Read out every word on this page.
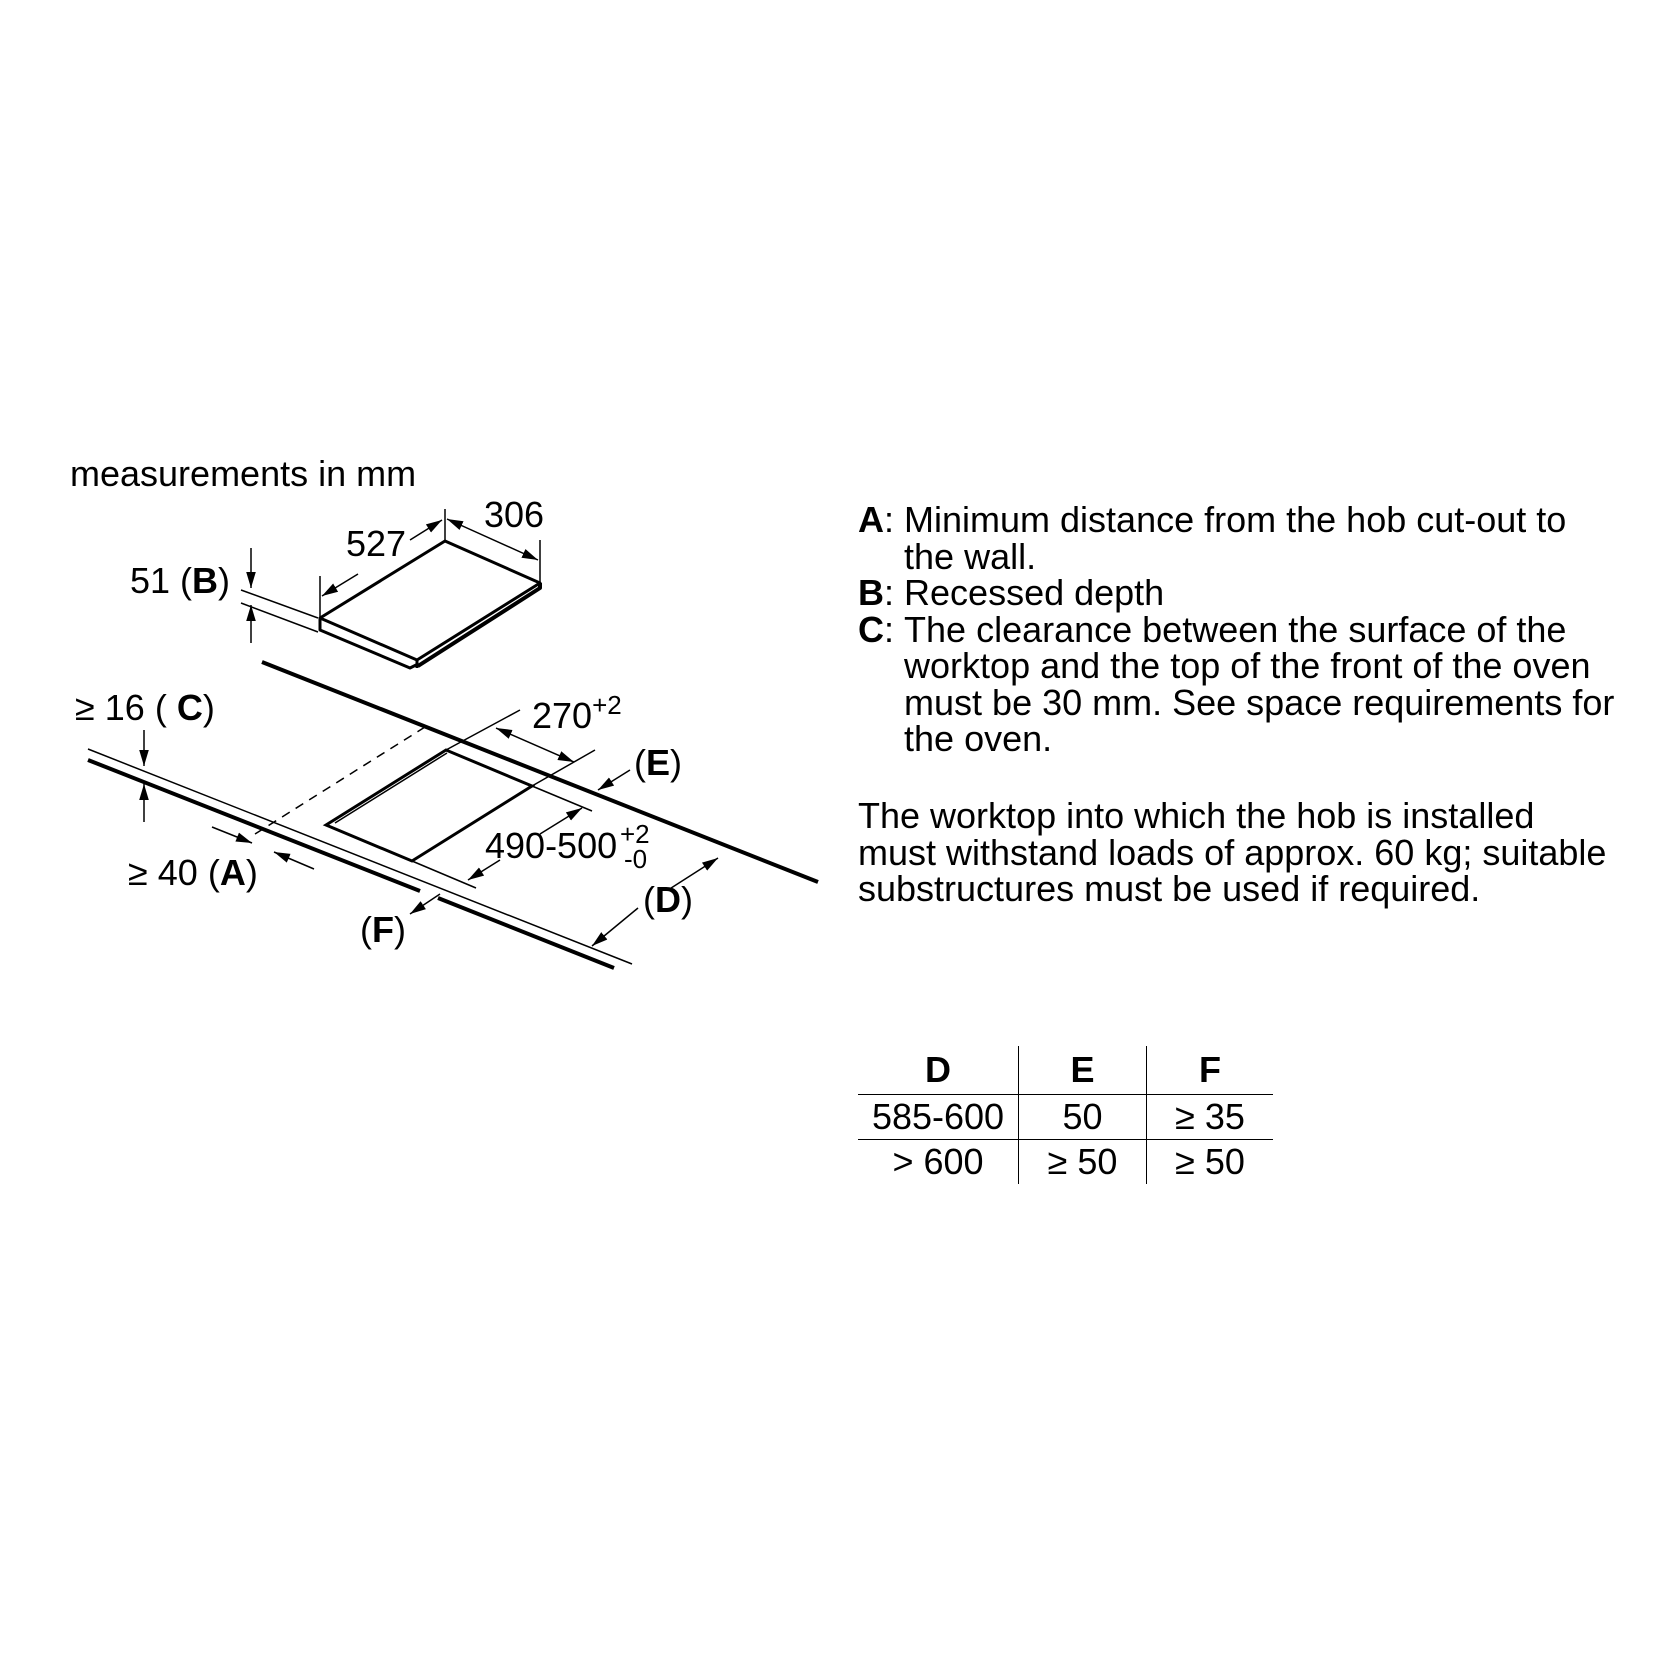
measurements in mm
527
306
51 (B)
$270^{+2}$
490-500 +2
-0
≥ 16 ( C)
≥ 40 (A)
(E)
(D)
(F)
A :
Minimum distance from the hob cut-out to the wall.
B :
Recessed depth
C :
The clearance between the surface of the worktop and the top of the front of the oven must be 30 mm. See space requirements for the oven.
The worktop into which the hob is installed must withstand loads of approx. 60 kg; suitable substructures must be used if required.
D	E	F
585-600	50	≥ 35
> 600	≥ 50	≥ 50
